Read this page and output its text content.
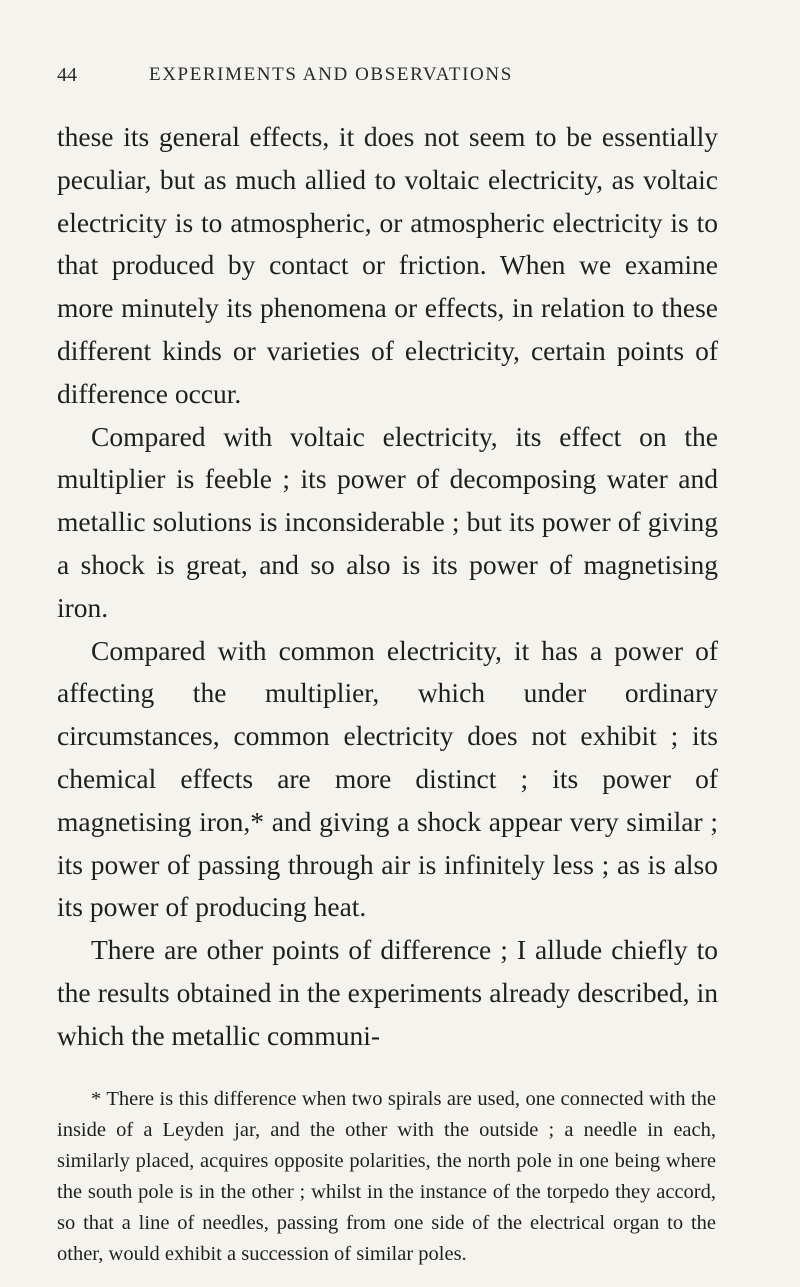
44	EXPERIMENTS AND OBSERVATIONS

these its general effects, it does not seem to be essentially peculiar, but as much allied to voltaic electricity, as voltaic electricity is to atmospheric, or atmospheric electricity is to that produced by contact or friction. When we examine more minutely its phenomena or effects, in relation to these different kinds or varieties of electricity, certain points of difference occur.

Compared with voltaic electricity, its effect on the multiplier is feeble ; its power of decomposing water and metallic solutions is inconsiderable ; but its power of giving a shock is great, and so also is its power of magnetising iron.

Compared with common electricity, it has a power of affecting the multiplier, which under ordinary circumstances, common electricity does not exhibit ; its chemical effects are more distinct ; its power of magnetising iron,* and giving a shock appear very similar ; its power of passing through air is infinitely less ; as is also its power of producing heat.

There are other points of difference ; I allude chiefly to the results obtained in the experiments already described, in which the metallic communi-

* There is this difference when two spirals are used, one connected with the inside of a Leyden jar, and the other with the outside ; a needle in each, similarly placed, acquires opposite polarities, the north pole in one being where the south pole is in the other ; whilst in the instance of the torpedo they accord, so that a line of needles, passing from one side of the electrical organ to the other, would exhibit a succession of similar poles.
